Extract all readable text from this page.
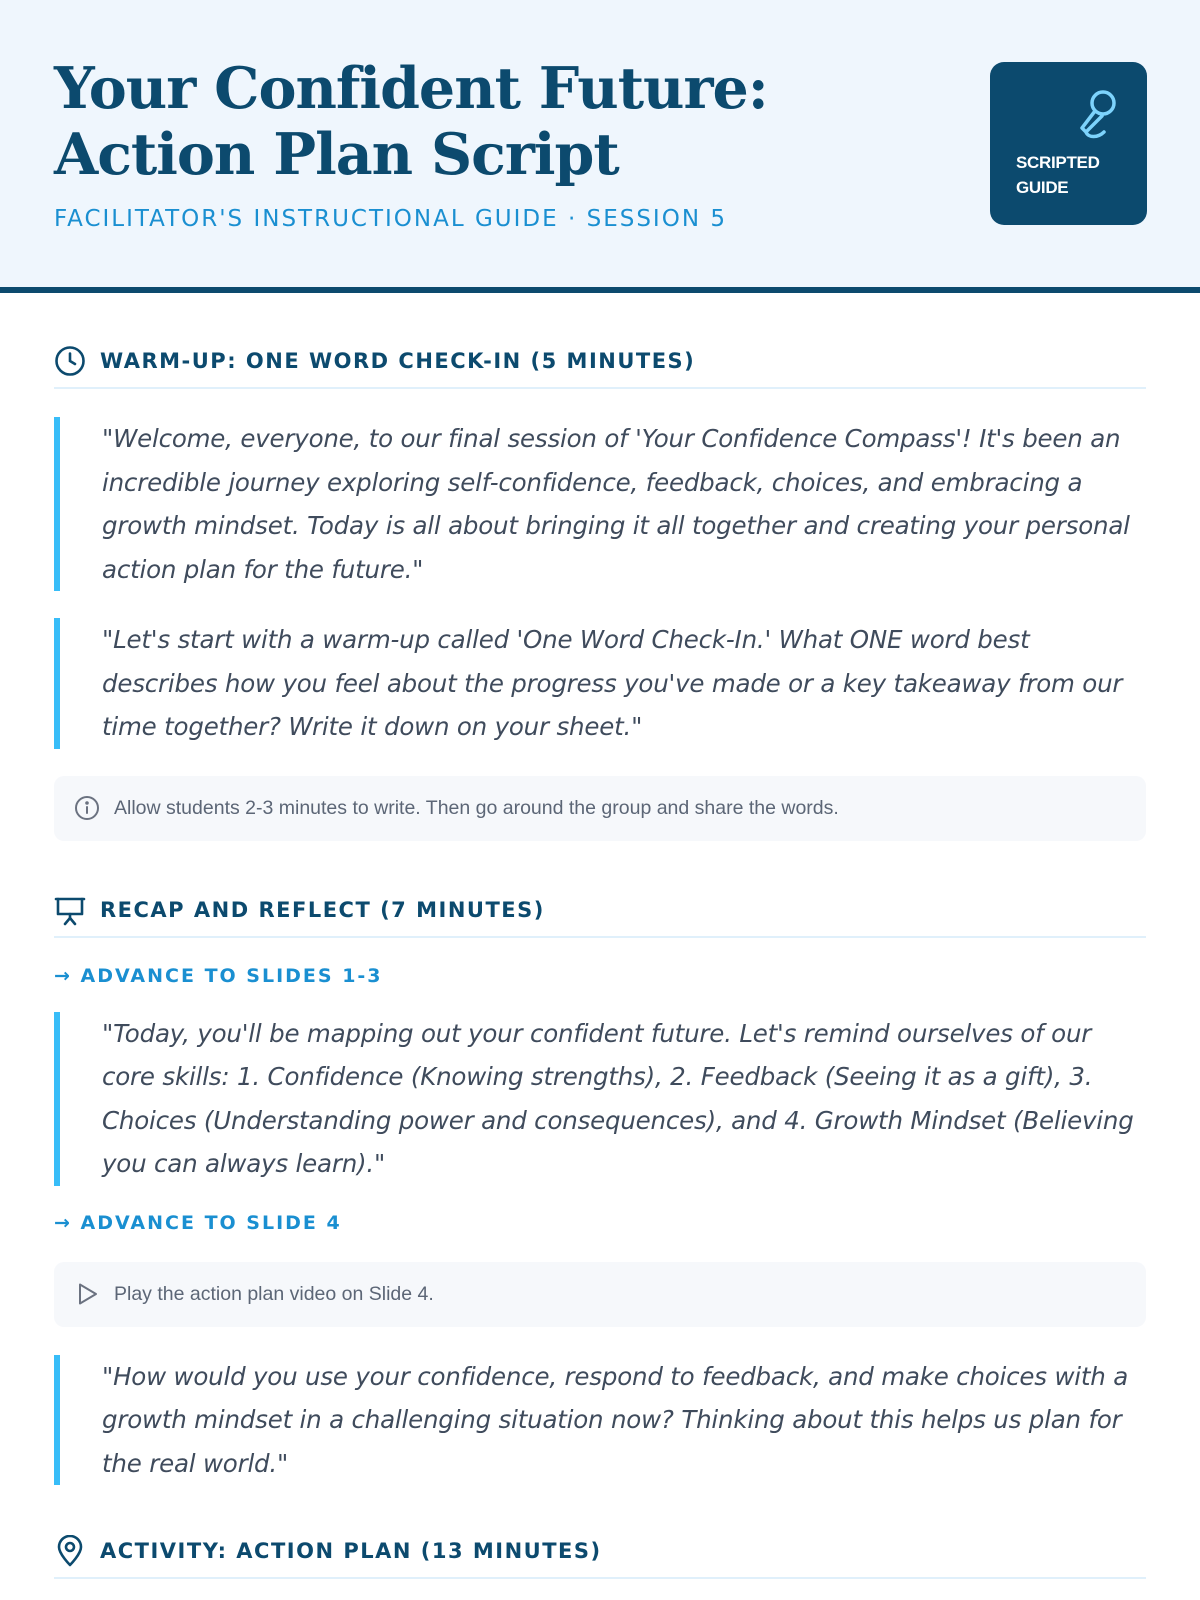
Your Confident Future: Action Plan Script
FACILITATOR'S INSTRUCTIONAL GUIDE · SESSION 5
SCRIPTED GUIDE
WARM-UP: ONE WORD CHECK-IN (5 MINUTES)
"Welcome, everyone, to our final session of 'Your Confidence Compass'! It's been an incredible journey exploring self-confidence, feedback, choices, and embracing a growth mindset. Today is all about bringing it all together and creating your personal action plan for the future."
"Let's start with a warm-up called 'One Word Check-In.' What ONE word best describes how you feel about the progress you've made or a key takeaway from our time together? Write it down on your sheet."
Allow students 2-3 minutes to write. Then go around the group and share the words.
RECAP AND REFLECT (7 MINUTES)
→ ADVANCE TO SLIDES 1-3
"Today, you'll be mapping out your confident future. Let's remind ourselves of our core skills: 1. Confidence (Knowing strengths), 2. Feedback (Seeing it as a gift), 3. Choices (Understanding power and consequences), and 4. Growth Mindset (Believing you can always learn)."
→ ADVANCE TO SLIDE 4
Play the action plan video on Slide 4.
"How would you use your confidence, respond to feedback, and make choices with a growth mindset in a challenging situation now? Thinking about this helps us plan for the real world."
ACTIVITY: ACTION PLAN (13 MINUTES)
